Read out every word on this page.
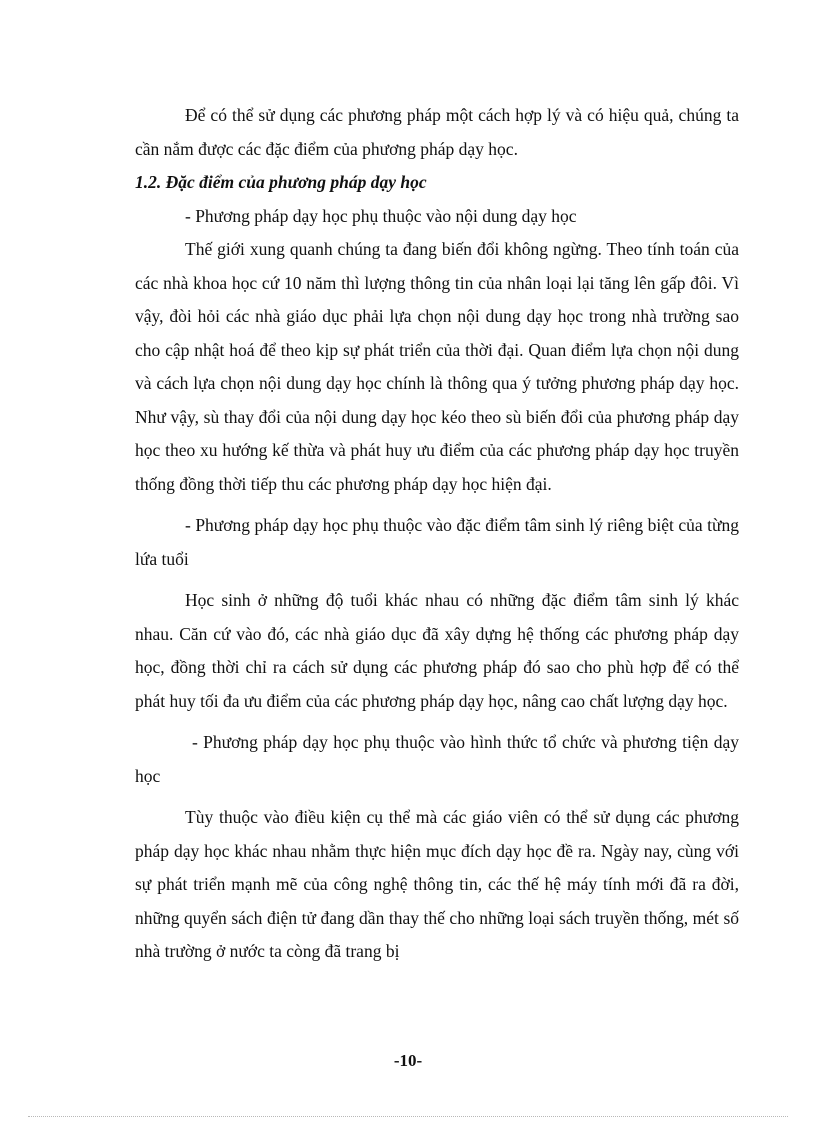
Để có thể sử dụng các phương pháp một cách hợp lý và có hiệu quả, chúng ta cần nắm được các đặc điểm của phương pháp dạy học.

1.2. Đặc điểm của phương pháp dạy học

- Phương pháp dạy học phụ thuộc vào nội dung dạy học

Thế giới xung quanh chúng ta đang biến đổi không ngừng. Theo tính toán của các nhà khoa học cứ 10 năm thì lượng thông tin của nhân loại lại tăng lên gấp đôi. Vì vậy, đòi hỏi các nhà giáo dục phải lựa chọn nội dung dạy học trong nhà trường sao cho cập nhật hoá để theo kịp sự phát triển của thời đại. Quan điểm lựa chọn nội dung và cách lựa chọn nội dung dạy học chính là thông qua ý tưởng phương pháp dạy học. Như vậy, sù thay đổi của nội dung dạy học kéo theo sù biến đổi của phương pháp dạy học theo xu hướng kế thừa và phát huy ưu điểm của các phương pháp dạy học truyền thống đồng thời tiếp thu các phương pháp dạy học hiện đại.

- Phương pháp dạy học phụ thuộc vào đặc điểm tâm sinh lý riêng biệt của từng lứa tuổi

Học sinh ở những độ tuổi khác nhau có những đặc điểm tâm sinh lý khác nhau. Căn cứ vào đó, các nhà giáo dục đã xây dựng hệ thống các phương pháp dạy học, đồng thời chỉ ra cách sử dụng các phương pháp đó sao cho phù hợp để có thể phát huy tối đa ưu điểm của các phương pháp dạy học, nâng cao chất lượng dạy học.

- Phương pháp dạy học phụ thuộc vào hình thức tổ chức và phương tiện dạy học

Tùy thuộc vào điều kiện cụ thể mà các giáo viên có thể sử dụng các phương pháp dạy học khác nhau nhằm thực hiện mục đích dạy học đề ra. Ngày nay, cùng với sự phát triển mạnh mẽ của công nghệ thông tin, các thế hệ máy tính mới đã ra đời, những quyển sách điện tử đang dần thay thế cho những loại sách truyền thống, mét số nhà trường ở nước ta còng đã trang bị

-10-
